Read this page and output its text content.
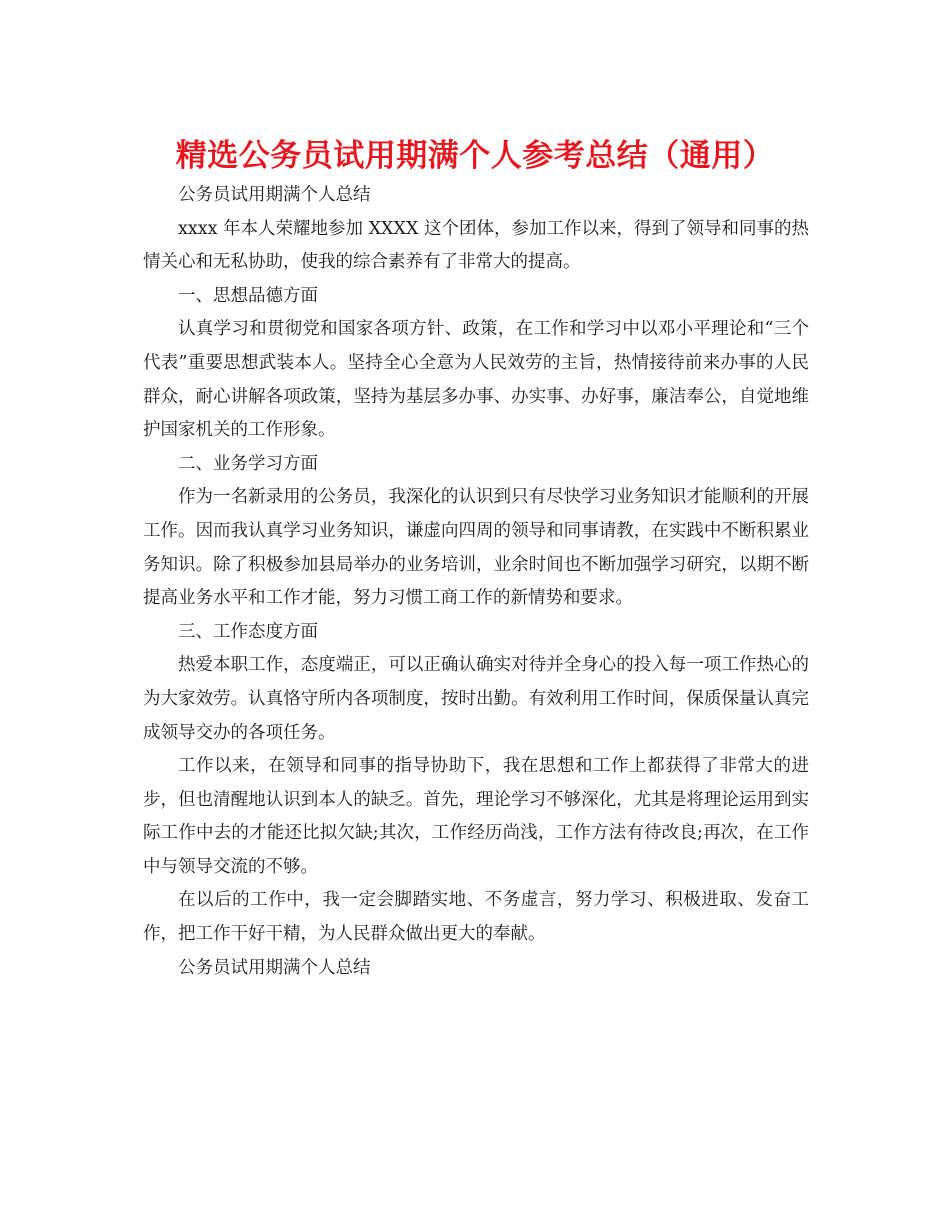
精选公务员试用期满个人参考总结（通用）

公务员试用期满个人总结

xxxx 年本人荣耀地参加 XXXX 这个团体，参加工作以来，得到了领导和同事的热情关心和无私协助，使我的综合素养有了非常大的提高。

一、思想品德方面

认真学习和贯彻党和国家各项方针、政策，在工作和学习中以邓小平理论和“三个代表”重要思想武装本人。坚持全心全意为人民效劳的主旨，热情接待前来办事的人民群众，耐心讲解各项政策，坚持为基层多办事、办实事、办好事，廉洁奉公，自觉地维护国家机关的工作形象。

二、业务学习方面

作为一名新录用的公务员，我深化的认识到只有尽快学习业务知识才能顺利的开展工作。因而我认真学习业务知识，谦虚向四周的领导和同事请教，在实践中不断积累业务知识。除了积极参加县局举办的业务培训，业余时间也不断加强学习研究，以期不断提高业务水平和工作才能，努力习惯工商工作的新情势和要求。

三、工作态度方面

热爱本职工作，态度端正，可以正确认确实对待并全身心的投入每一项工作热心的为大家效劳。认真恪守所内各项制度，按时出勤。有效利用工作时间，保质保量认真完成领导交办的各项任务。

工作以来，在领导和同事的指导协助下，我在思想和工作上都获得了非常大的进步，但也清醒地认识到本人的缺乏。首先，理论学习不够深化，尤其是将理论运用到实际工作中去的才能还比拟欠缺;其次，工作经历尚浅，工作方法有待改良;再次，在工作中与领导交流的不够。

在以后的工作中，我一定会脚踏实地、不务虚言，努力学习、积极进取、发奋工作，把工作干好干精，为人民群众做出更大的奉献。

公务员试用期满个人总结
